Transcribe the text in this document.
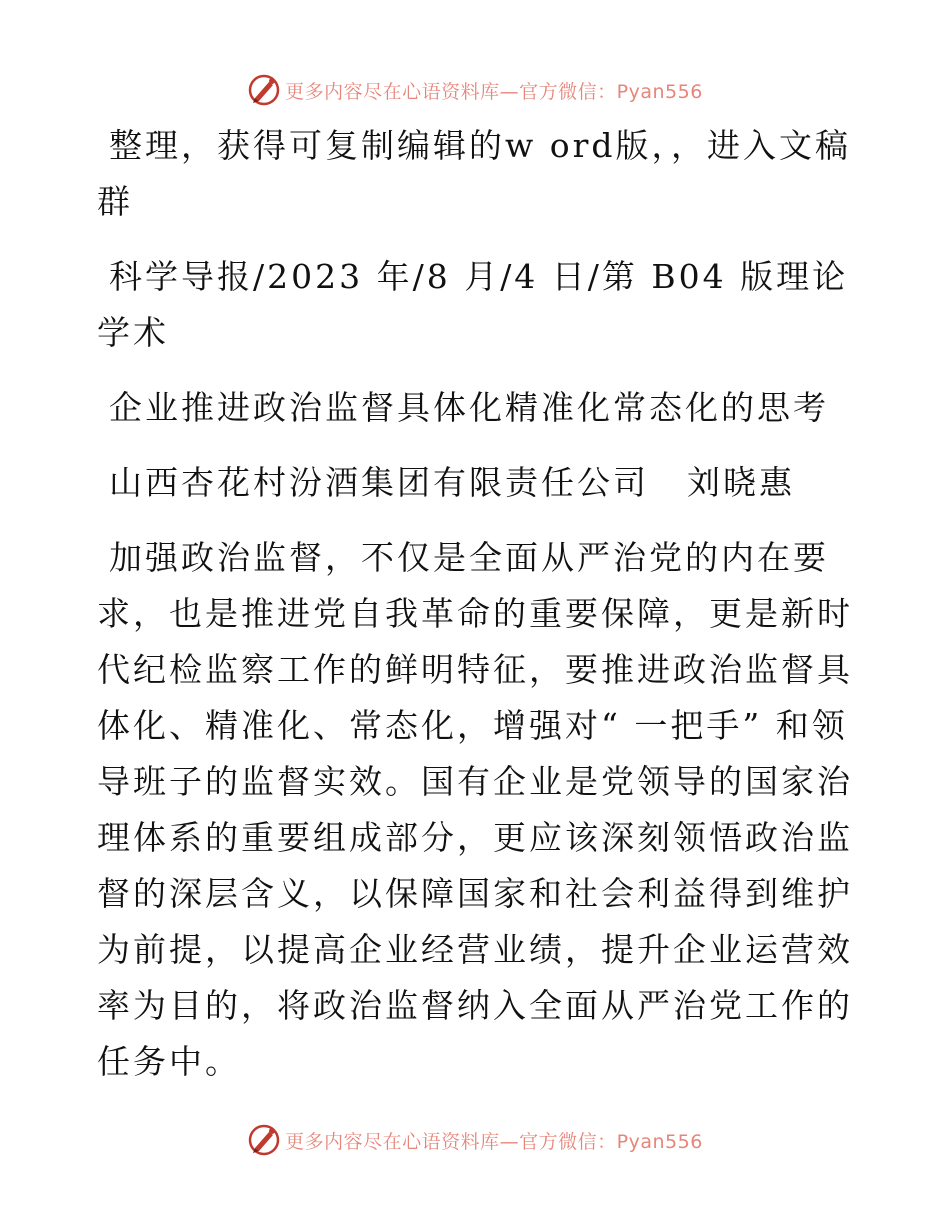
更多内容尽在心语资料库—官方微信：Pyan556

整理，获得可复制编辑的w ord版，，进入文稿群

科学导报/2023 年/8 月/4 日/第 B04 版理论学术

企业推进政治监督具体化精准化常态化的思考

山西杏花村汾酒集团有限责任公司 刘晓惠

加强政治监督，不仅是全面从严治党的内在要求，也是推进党自我革命的重要保障，更是新时代纪检监察工作的鲜明特征，要推进政治监督具体化、精准化、常态化，增强对“ 一把手” 和领导班子的监督实效。国有企业是党领导的国家治理体系的重要组成部分，更应该深刻领悟政治监督的深层含义，以保障国家和社会利益得到维护为前提，以提高企业经营业绩，提升企业运营效率为目的，将政治监督纳入全面从严治党工作的任务中。

更多内容尽在心语资料库—官方微信：Pyan556
